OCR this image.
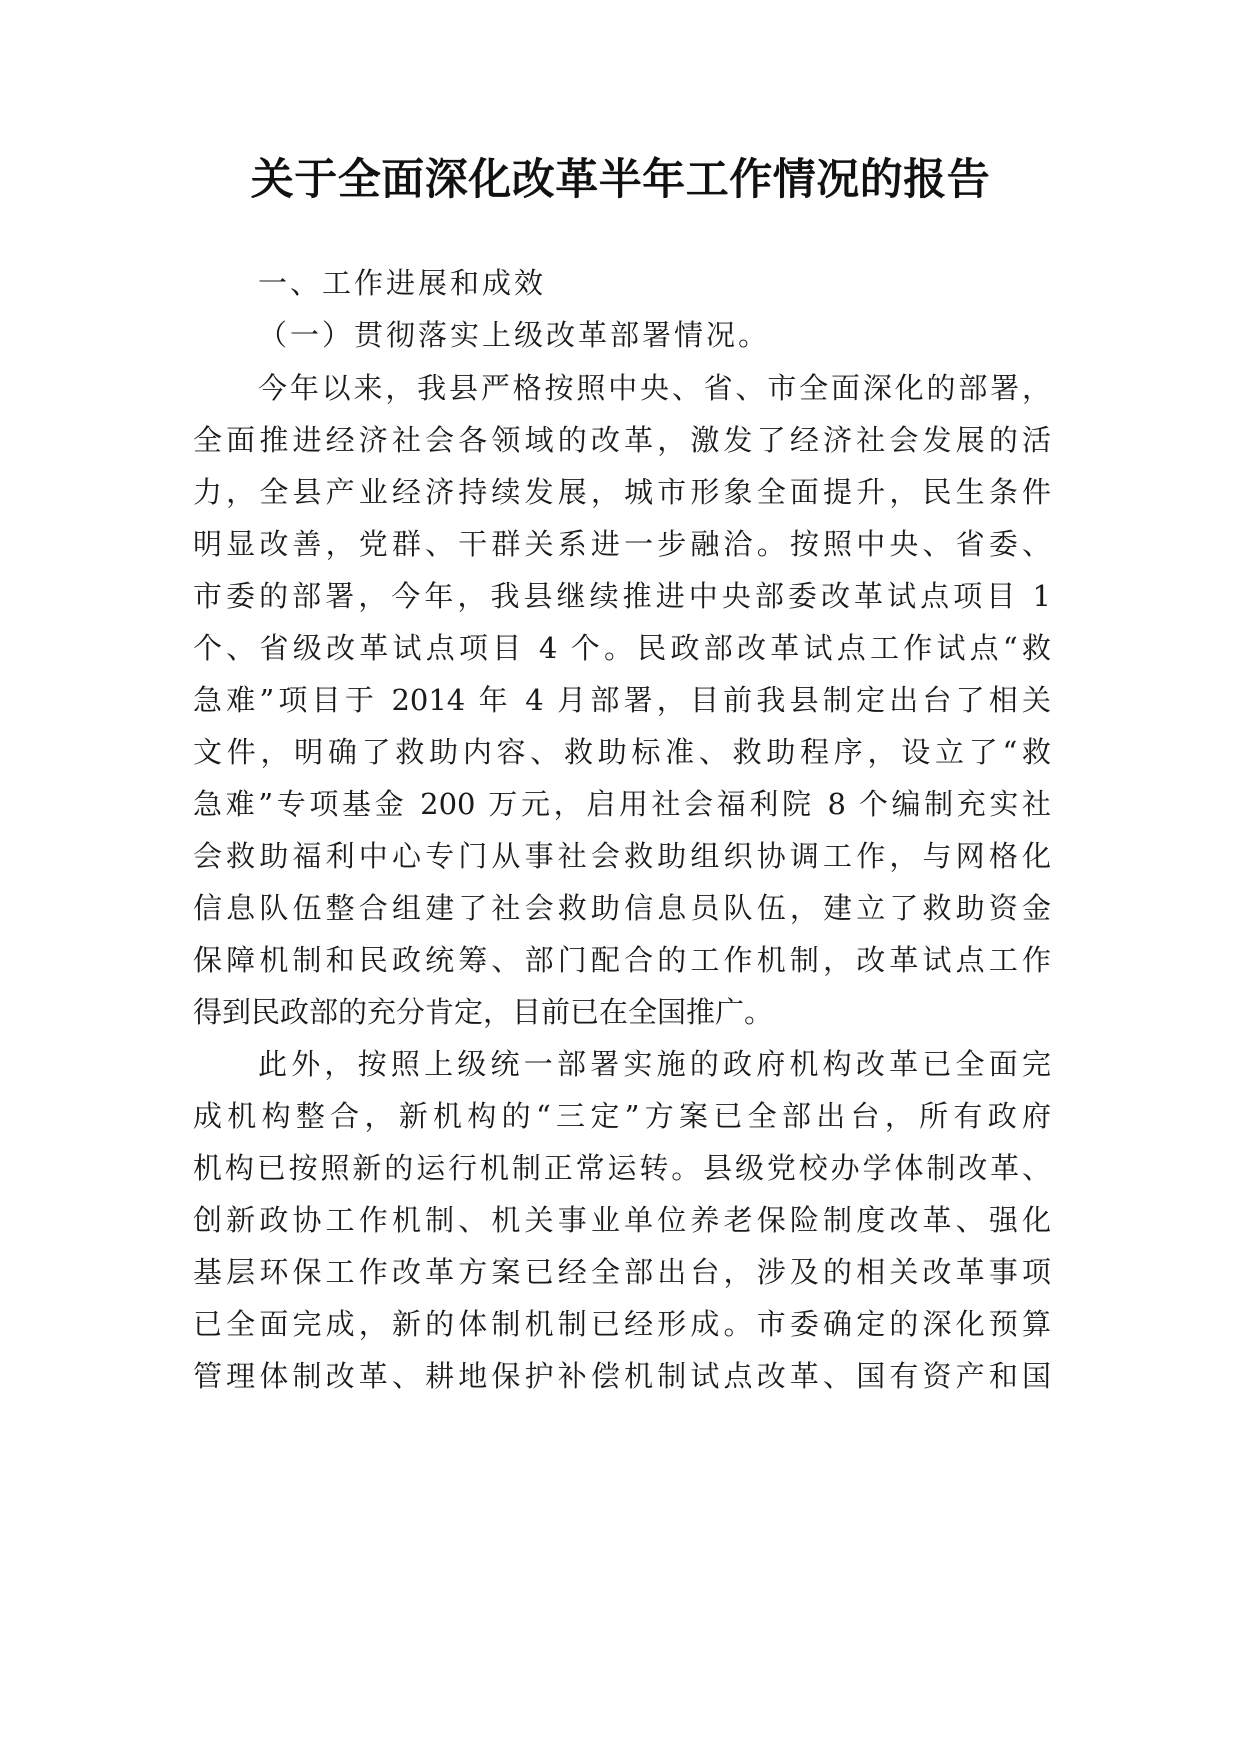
关于全面深化改革半年工作情况的报告

一、工作进展和成效

（一）贯彻落实上级改革部署情况。

今年以来，我县严格按照中央、省、市全面深化的部署，

全面推进经济社会各领域的改革，激发了经济社会发展的活

力，全县产业经济持续发展，城市形象全面提升，民生条件

明显改善，党群、干群关系进一步融洽。按照中央、省委、

市委的部署，今年，我县继续推进中央部委改革试点项目 1

个、省级改革试点项目 4 个。民政部改革试点工作试点“救

急难”项目于 2014 年 4 月部署，目前我县制定出台了相关

文件，明确了救助内容、救助标准、救助程序，设立了“救

急难”专项基金 200 万元，启用社会福利院 8 个编制充实社

会救助福利中心专门从事社会救助组织协调工作，与网格化

信息队伍整合组建了社会救助信息员队伍，建立了救助资金

保障机制和民政统筹、部门配合的工作机制，改革试点工作

得到民政部的充分肯定，目前已在全国推广。

此外，按照上级统一部署实施的政府机构改革已全面完

成机构整合，新机构的“三定”方案已全部出台，所有政府

机构已按照新的运行机制正常运转。县级党校办学体制改革、

创新政协工作机制、机关事业单位养老保险制度改革、强化

基层环保工作改革方案已经全部出台，涉及的相关改革事项

已全面完成，新的体制机制已经形成。市委确定的深化预算

管理体制改革、耕地保护补偿机制试点改革、国有资产和国
